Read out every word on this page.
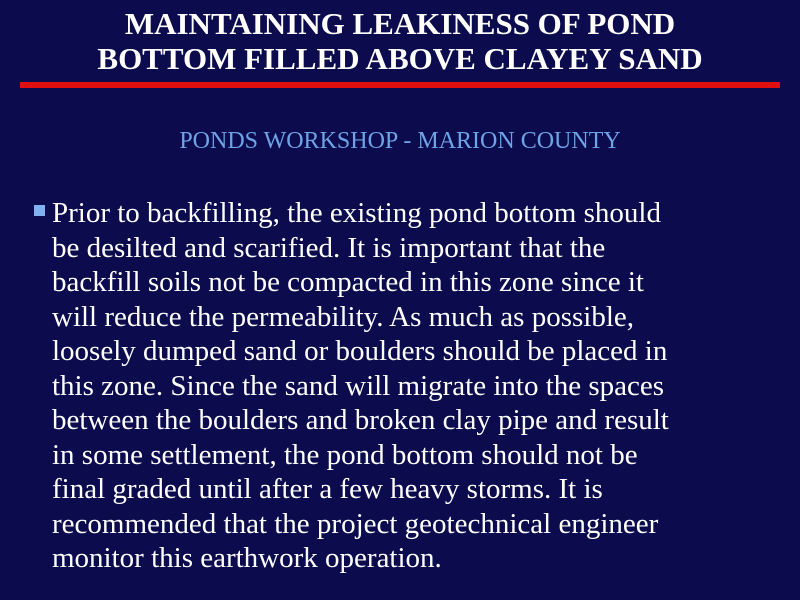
MAINTAINING LEAKINESS OF POND
BOTTOM FILLED ABOVE CLAYEY SAND
PONDS WORKSHOP - MARION COUNTY
Prior to backfilling, the existing pond bottom should
be desilted and scarified. It is important that the
backfill soils not be compacted in this zone since it
will reduce the permeability. As much as possible,
loosely dumped sand or boulders should be placed in
this zone. Since the sand will migrate into the spaces
between the boulders and broken clay pipe and result
in some settlement, the pond bottom should not be
final graded until after a few heavy storms. It is
recommended that the project geotechnical engineer
monitor this earthwork operation.
